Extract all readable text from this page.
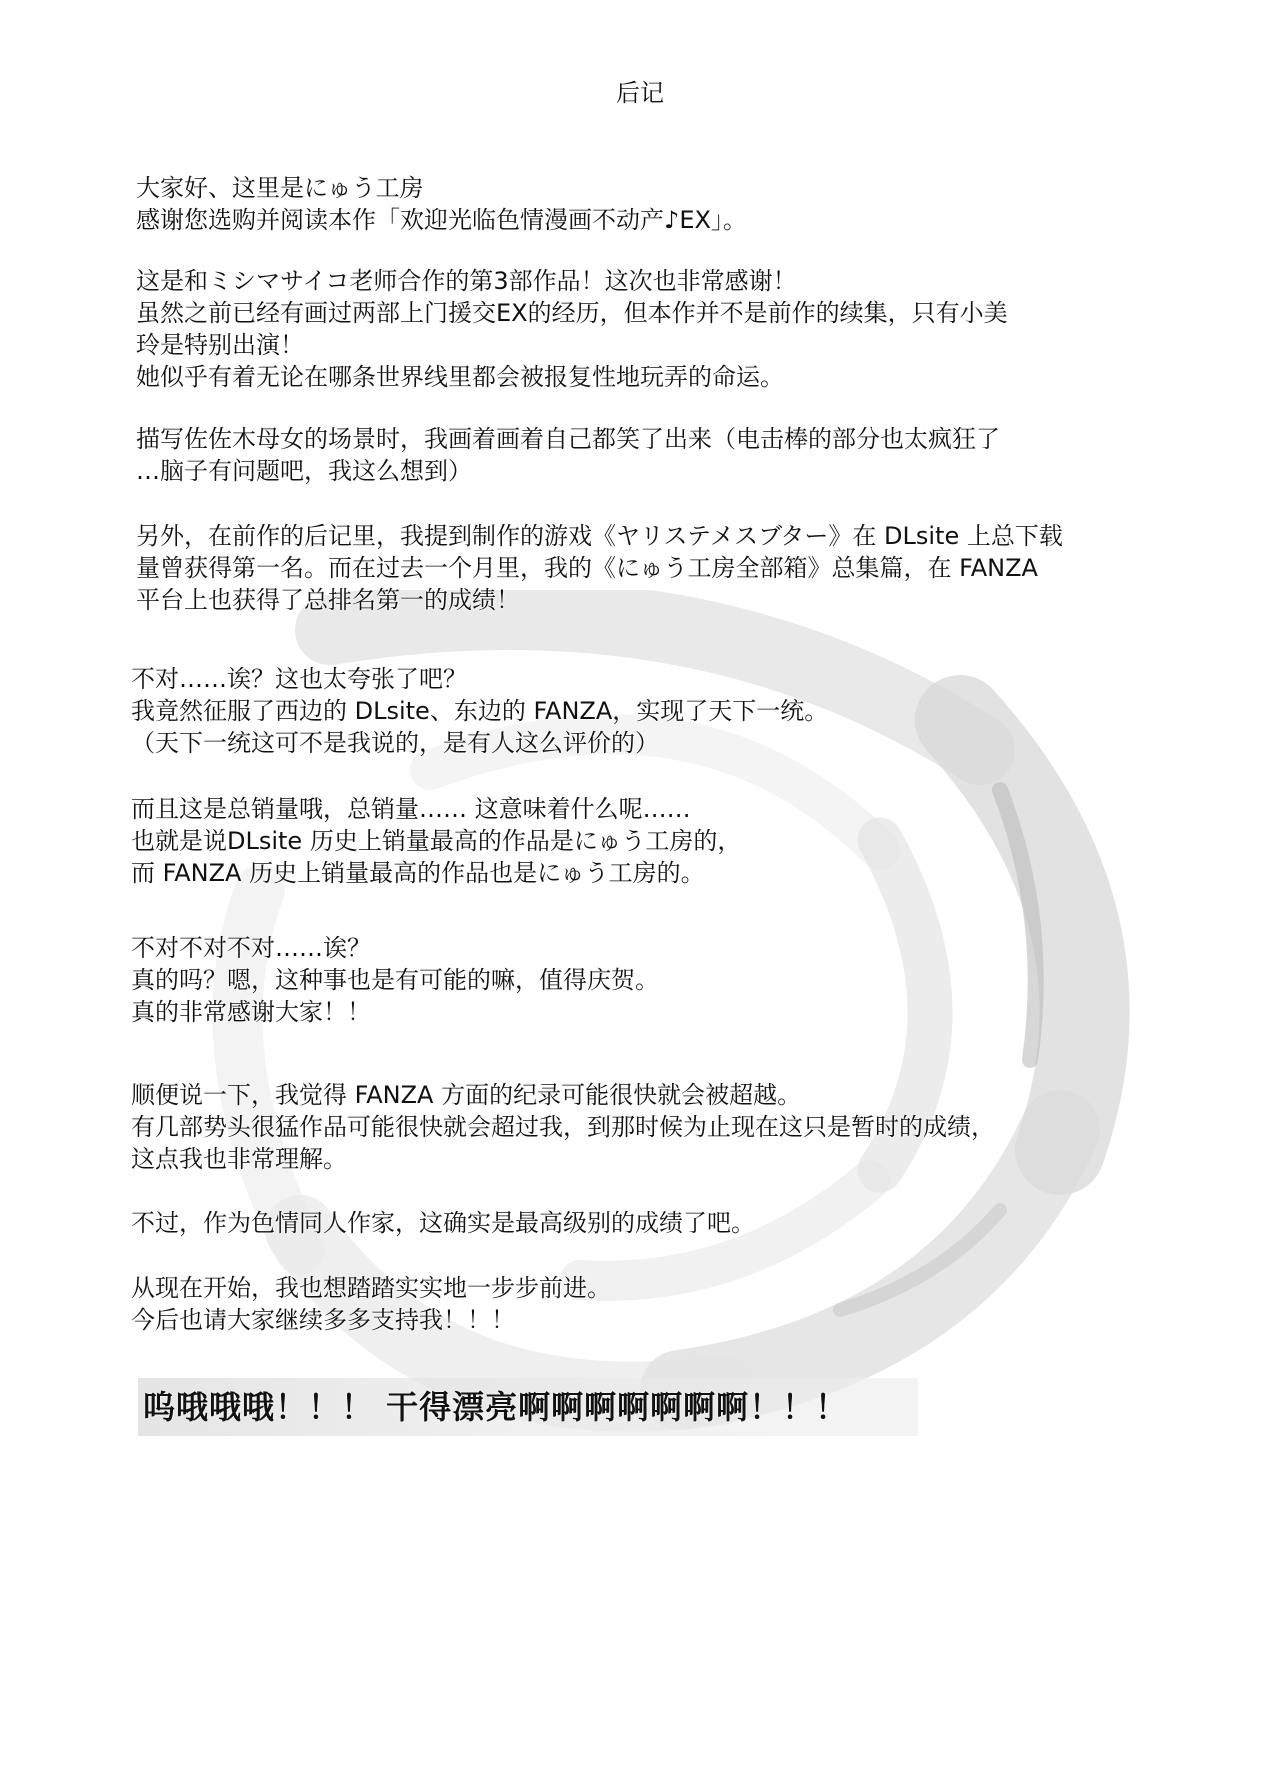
后记

大家好、这里是にゅう工房
感谢您选购并阅读本作「欢迎光临色情漫画不动产♪EX」。

这是和ミシマサイコ老师合作的第3部作品！这次也非常感谢！
虽然之前已经有画过两部上门援交EX的经历，但本作并不是前作的续集，只有小美
玲是特别出演！
她似乎有着无论在哪条世界线里都会被报复性地玩弄的命运。

描写佐佐木母女的场景时，我画着画着自己都笑了出来（电击棒的部分也太疯狂了
…脑子有问题吧，我这么想到）

另外，在前作的后记里，我提到制作的游戏《ヤリステメスブター》在 DLsite 上总下载
量曾获得第一名。而在过去一个月里，我的《にゅう工房全部箱》总集篇，在 FANZA
平台上也获得了总排名第一的成绩！

不对……诶？这也太夸张了吧？
我竟然征服了西边的 DLsite、东边的 FANZA，实现了天下一统。
（天下一统这可不是我说的，是有人这么评价的）

而且这是总销量哦，总销量…… 这意味着什么呢……
也就是说DLsite 历史上销量最高的作品是にゅう工房的，
而 FANZA 历史上销量最高的作品也是にゅう工房的。

不对不对不对……诶？
真的吗？嗯，这种事也是有可能的嘛，值得庆贺。
真的非常感谢大家！！

顺便说一下，我觉得 FANZA 方面的纪录可能很快就会被超越。
有几部势头很猛作品可能很快就会超过我，到那时候为止现在这只是暂时的成绩，
这点我也非常理解。

不过，作为色情同人作家，这确实是最高级别的成绩了吧。

从现在开始，我也想踏踏实实地一步步前进。
今后也请大家继续多多支持我！！！

呜哦哦哦！！！ 干得漂亮啊啊啊啊啊啊啊！！！
